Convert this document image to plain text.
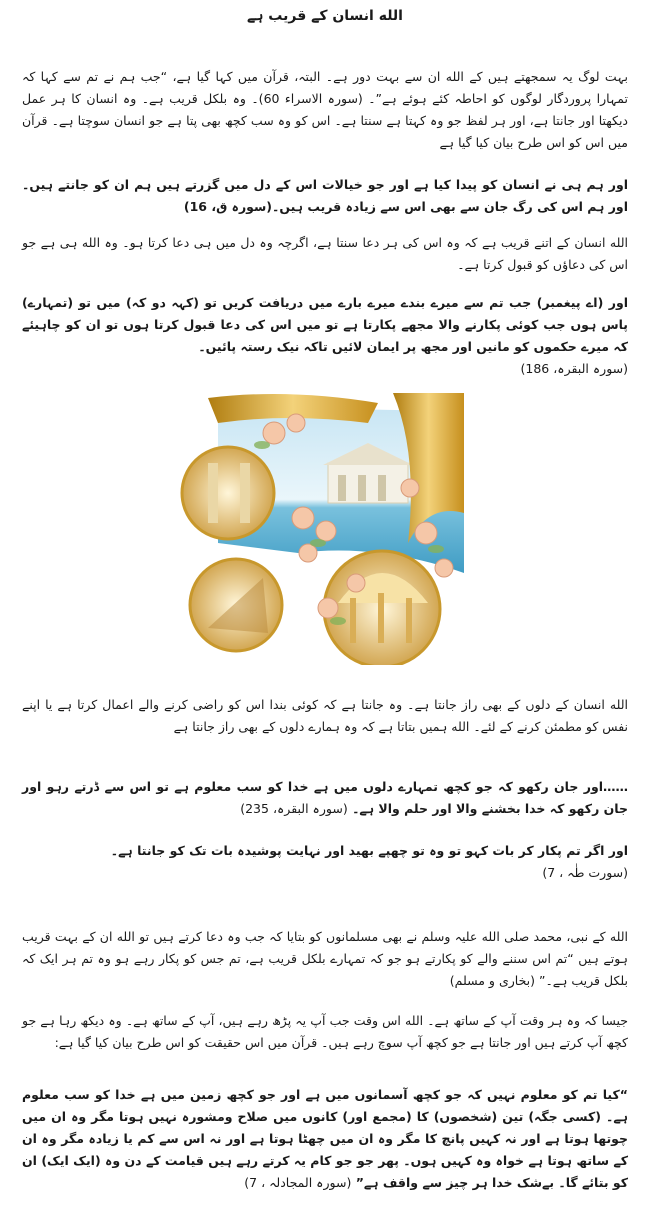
الله انسان کے قریب ہے

بہت لوگ یہ سمجھتے ہیں کے الله ان سے بہت دور ہے۔ البتہ، قرآن میں کہا گیا ہے، “جب ہم نے تم سے کہا کہ تمہارا پروردگار لوگوں کو احاطہ کئے ہوئے ہے”۔ (سورہ الاسراء 60)۔ وہ بلکل قریب ہے۔ وہ انسان کا ہر عمل دیکھتا اور جانتا ہے، اور ہر لفظ جو وہ کہتا ہے سنتا ہے۔ اس کو وہ سب کچھ بھی پتا ہے جو انسان سوچتا ہے۔ قرآن میں اس کو اس طرح بیان کیا گیا ہے

اور ہم ہی نے انسان کو پیدا کیا ہے اور جو خیالات اس کے دل میں گزرتے ہیں ہم ان کو جانتے ہیں۔ اور ہم اس کی رگ جان سے بھی اس سے زیادہ قریب ہیں۔(سورہ ق، 16)

الله انسان کے اتنے قریب ہے کہ وہ اس کی ہر دعا سنتا ہے، اگرچہ وہ دل میں ہی دعا کرتا ہو۔ وہ الله ہی ہے جو اس کی دعاؤں کو قبول کرتا ہے۔

اور (اے پیغمبر) جب تم سے میرے بندے میرے بارے میں دریافت کریں تو (کہہ دو کہ) میں تو (تمہارے) پاس ہوں جب کوئی پکارنے والا مجھے پکارتا ہے تو میں اس کی دعا قبول کرتا ہوں تو ان کو چاہیئے کہ میرے حکموں کو مانیں اور مجھ پر ایمان لائیں تاکہ نیک رستہ پائیں۔
(سورہ البقرہ، 186)

الله انسان کے دلوں کے بھی راز جانتا ہے۔ وہ جانتا ہے کہ کوئی بندا اس کو راضی کرنے والے اعمال کرتا ہے یا اپنے نفس کو مطمئن کرنے کے لئے۔ الله ہمیں بتاتا ہے کہ وہ ہمارے دلوں کے بھی راز جانتا ہے

……اور جان رکھو کہ جو کچھ تمہارے دلوں میں ہے خدا کو سب معلوم ہے تو اس سے ڈرتے رہو اور جان رکھو کہ خدا بخشنے والا اور حلم والا ہے۔ (سورہ البقرہ، 235)
اور اگر تم پکار کر بات کہو تو وہ تو چھپے بھید اور نہایت پوشیدہ بات تک کو جانتا ہے۔
(سورت طٰہ ، 7)
الله کے نبی، محمد صلی الله علیہ وسلم نے بھی مسلمانوں کو بتایا کہ جب وہ دعا کرتے ہیں تو الله ان کے بہت قریب ہوتے ہیں “تم اس سننے والے کو پکارتے ہو جو کہ تمہارے بلکل قریب ہے، تم جس کو پکار رہے ہو وہ تم ہر ایک کہ بلکل قریب ہے۔” (بخاری و مسلم)

جیسا کہ وہ ہر وقت آپ کے ساتھ ہے۔ الله اس وقت جب آپ یہ پڑھ رہے ہیں، آپ کے ساتھ ہے۔ وہ دیکھ رہا ہے جو کچھ آپ کرتے ہیں اور جانتا ہے جو کچھ آپ سوچ رہے ہیں۔ قرآن میں اس حقیقت کو اس طرح بیان کیا گیا ہے:

“کیا تم کو معلوم نہیں کہ جو کچھ آسمانوں میں ہے اور جو کچھ زمین میں ہے خدا کو سب معلوم ہے۔ (کسی جگہ) تین (شخصوں) کا (مجمع اور) کانوں میں صلاح ومشورہ نہیں ہوتا مگر وہ ان میں چوتھا ہوتا ہے اور نہ کہیں پانچ کا مگر وہ ان میں چھٹا ہوتا ہے اور نہ اس سے کم یا زیادہ مگر وہ ان کے ساتھ ہوتا ہے خواہ وہ کہیں ہوں۔ پھر جو جو کام یہ کرتے رہے ہیں قیامت کے دن وہ (ایک ایک) ان کو بتائے گا۔ بےشک خدا ہر چیز سے واقف ہے” (سورہ المجادلہ ، 7)
